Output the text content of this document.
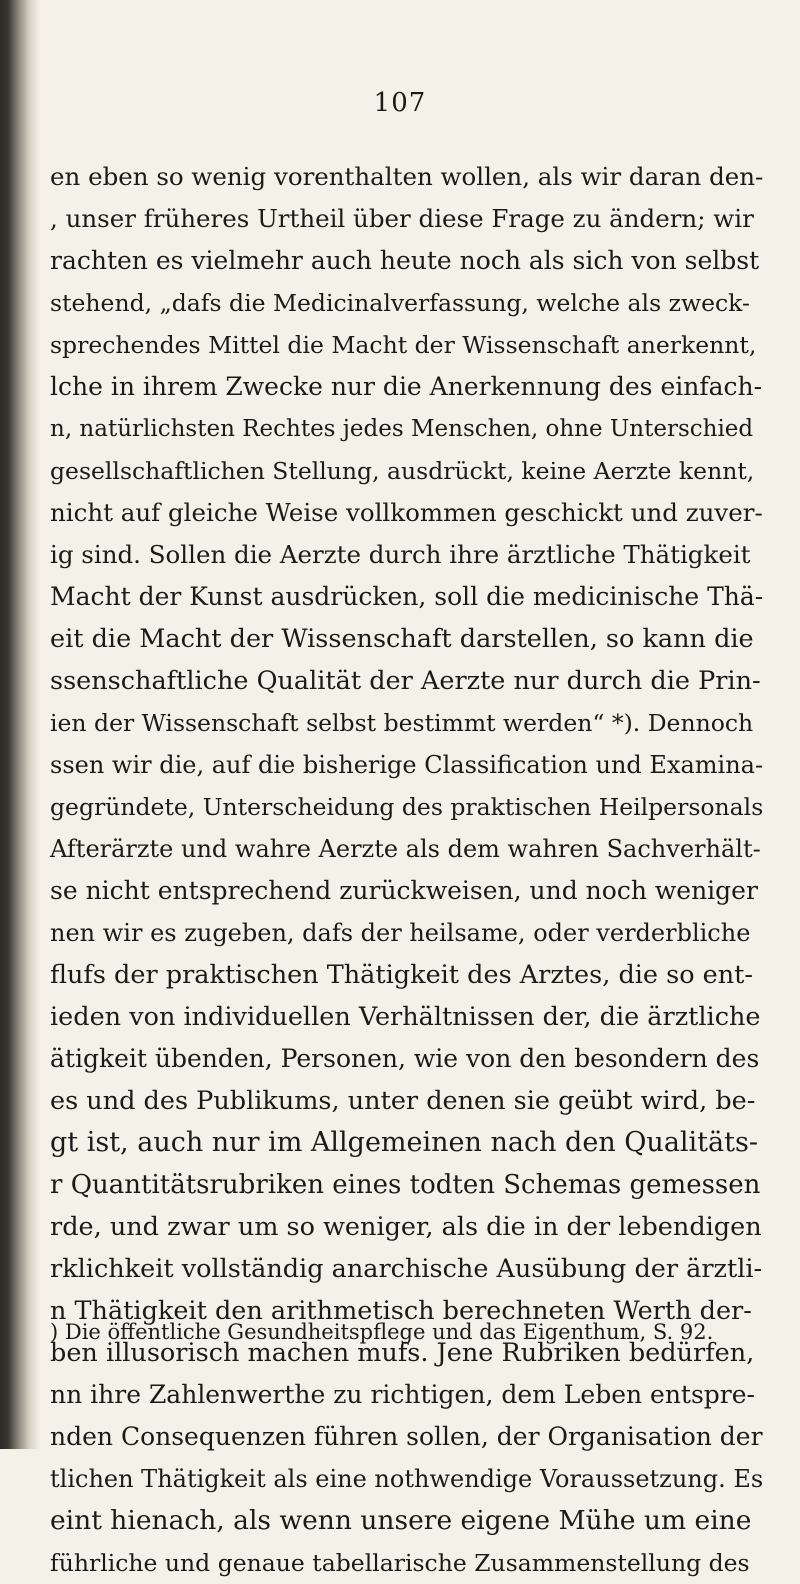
107
en eben so wenig vorenthalten wollen, als wir daran den-
, unser früheres Urtheil über diese Frage zu ändern; wir
rachten es vielmehr auch heute noch als sich von selbst
stehend, „dafs die Medicinalverfassung, welche als zweck-
sprechendes Mittel die Macht der Wissenschaft anerkennt,
lche in ihrem Zwecke nur die Anerkennung des einfach-
n, natürlichsten Rechtes jedes Menschen, ohne Unterschied
gesellschaftlichen Stellung, ausdrückt, keine Aerzte kennt,
nicht auf gleiche Weise vollkommen geschickt und zuver-
ig sind. Sollen die Aerzte durch ihre ärztliche Thätigkeit
Macht der Kunst ausdrücken, soll die medicinische Thä-
eit die Macht der Wissenschaft darstellen, so kann die
ssenschaftliche Qualität der Aerzte nur durch die Prin-
ien der Wissenschaft selbst bestimmt werden“ *). Dennoch
ssen wir die, auf die bisherige Classification und Examina-
gegründete, Unterscheidung des praktischen Heilpersonals
Afterärzte und wahre Aerzte als dem wahren Sachverhält-
se nicht entsprechend zurückweisen, und noch weniger
nen wir es zugeben, dafs der heilsame, oder verderbliche
flufs der praktischen Thätigkeit des Arztes, die so ent-
ieden von individuellen Verhältnissen der, die ärztliche
ätigkeit übenden, Personen, wie von den besondern des
es und des Publikums, unter denen sie geübt wird, be-
gt ist, auch nur im Allgemeinen nach den Qualitäts-
r Quantitätsrubriken eines todten Schemas gemessen
rde, und zwar um so weniger, als die in der lebendigen
rklichkeit vollständig anarchische Ausübung der ärztli-
n Thätigkeit den arithmetisch berechneten Werth der-
ben illusorisch machen mufs. Jene Rubriken bedürfen,
nn ihre Zahlenwerthe zu richtigen, dem Leben entspre-
nden Consequenzen führen sollen, der Organisation der
tlichen Thätigkeit als eine nothwendige Voraussetzung. Es
eint hienach, als wenn unsere eigene Mühe um eine
führliche und genaue tabellarische Zusammenstellung des
) Die öffentliche Gesundheitspflege und das Eigenthum, S. 92.
